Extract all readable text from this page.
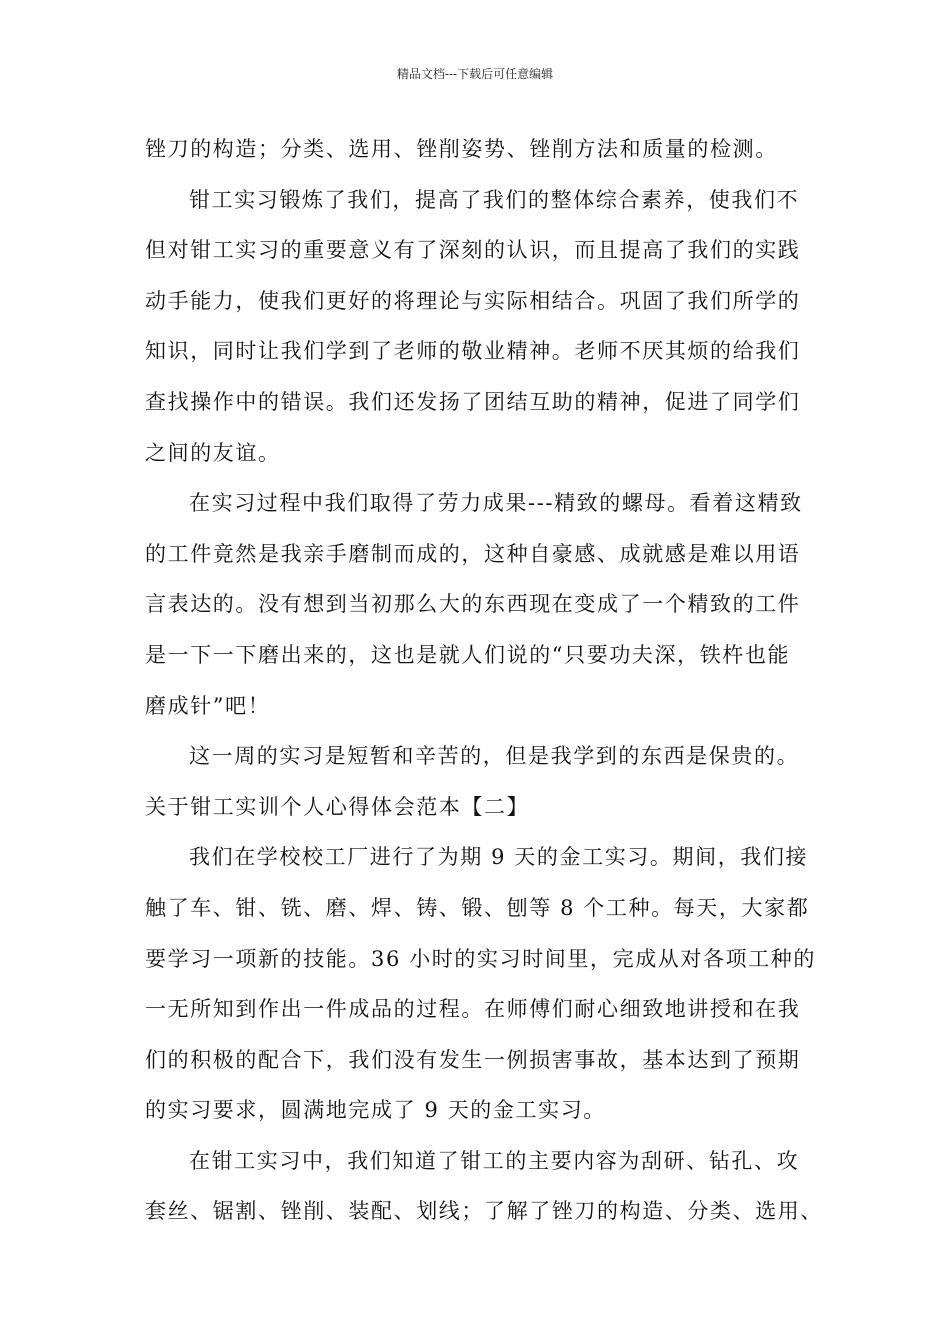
精品文档---下载后可任意编辑
锉刀的构造；分类、选用、锉削姿势、锉削方法和质量的检测。
钳工实习锻炼了我们，提高了我们的整体综合素养，使我们不
但对钳工实习的重要意义有了深刻的认识，而且提高了我们的实践
动手能力，使我们更好的将理论与实际相结合。巩固了我们所学的
知识，同时让我们学到了老师的敬业精神。老师不厌其烦的给我们
查找操作中的错误。我们还发扬了团结互助的精神，促进了同学们
之间的友谊。
在实习过程中我们取得了劳力成果---精致的螺母。看着这精致
的工件竟然是我亲手磨制而成的，这种自豪感、成就感是难以用语
言表达的。没有想到当初那么大的东西现在变成了一个精致的工件
是一下一下磨出来的，这也是就人们说的“只要功夫深，铁杵也能
磨成针”吧！
这一周的实习是短暂和辛苦的，但是我学到的东西是保贵的。
关于钳工实训个人心得体会范本【二】
我们在学校校工厂进行了为期 9 天的金工实习。期间，我们接
触了车、钳、铣、磨、焊、铸、锻、刨等 8 个工种。每天，大家都
要学习一项新的技能。36 小时的实习时间里，完成从对各项工种的
一无所知到作出一件成品的过程。在师傅们耐心细致地讲授和在我
们的积极的配合下，我们没有发生一例损害事故，基本达到了预期
的实习要求，圆满地完成了 9 天的金工实习。
在钳工实习中，我们知道了钳工的主要内容为刮研、钻孔、攻
套丝、锯割、锉削、装配、划线；了解了锉刀的构造、分类、选用、
